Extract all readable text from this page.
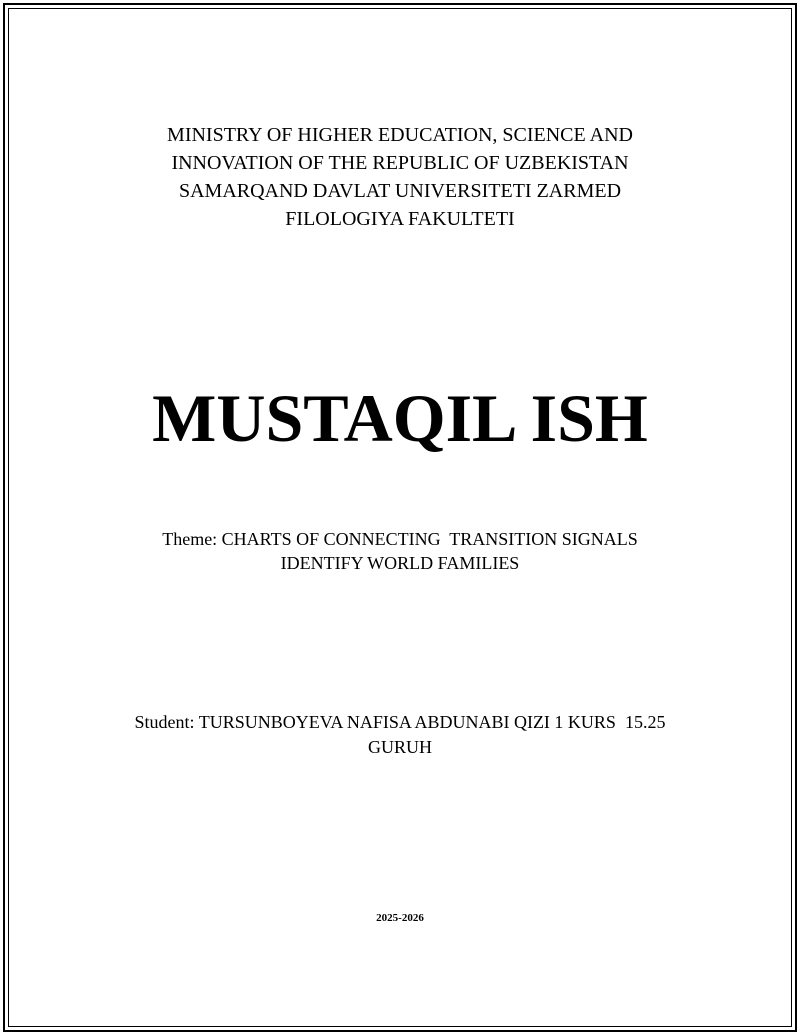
MINISTRY OF HIGHER EDUCATION, SCIENCE AND
INNOVATION OF THE REPUBLIC OF UZBEKISTAN
SAMARQAND DAVLAT UNIVERSITETI ZARMED
FILOLOGIYA FAKULTETI
MUSTAQIL ISH
Theme: CHARTS OF CONNECTING  TRANSITION SIGNALS
IDENTIFY WORLD FAMILIES
Student: TURSUNBOYEVA NAFISA ABDUNABI QIZI 1 KURS  15.25
GURUH
2025-2026
